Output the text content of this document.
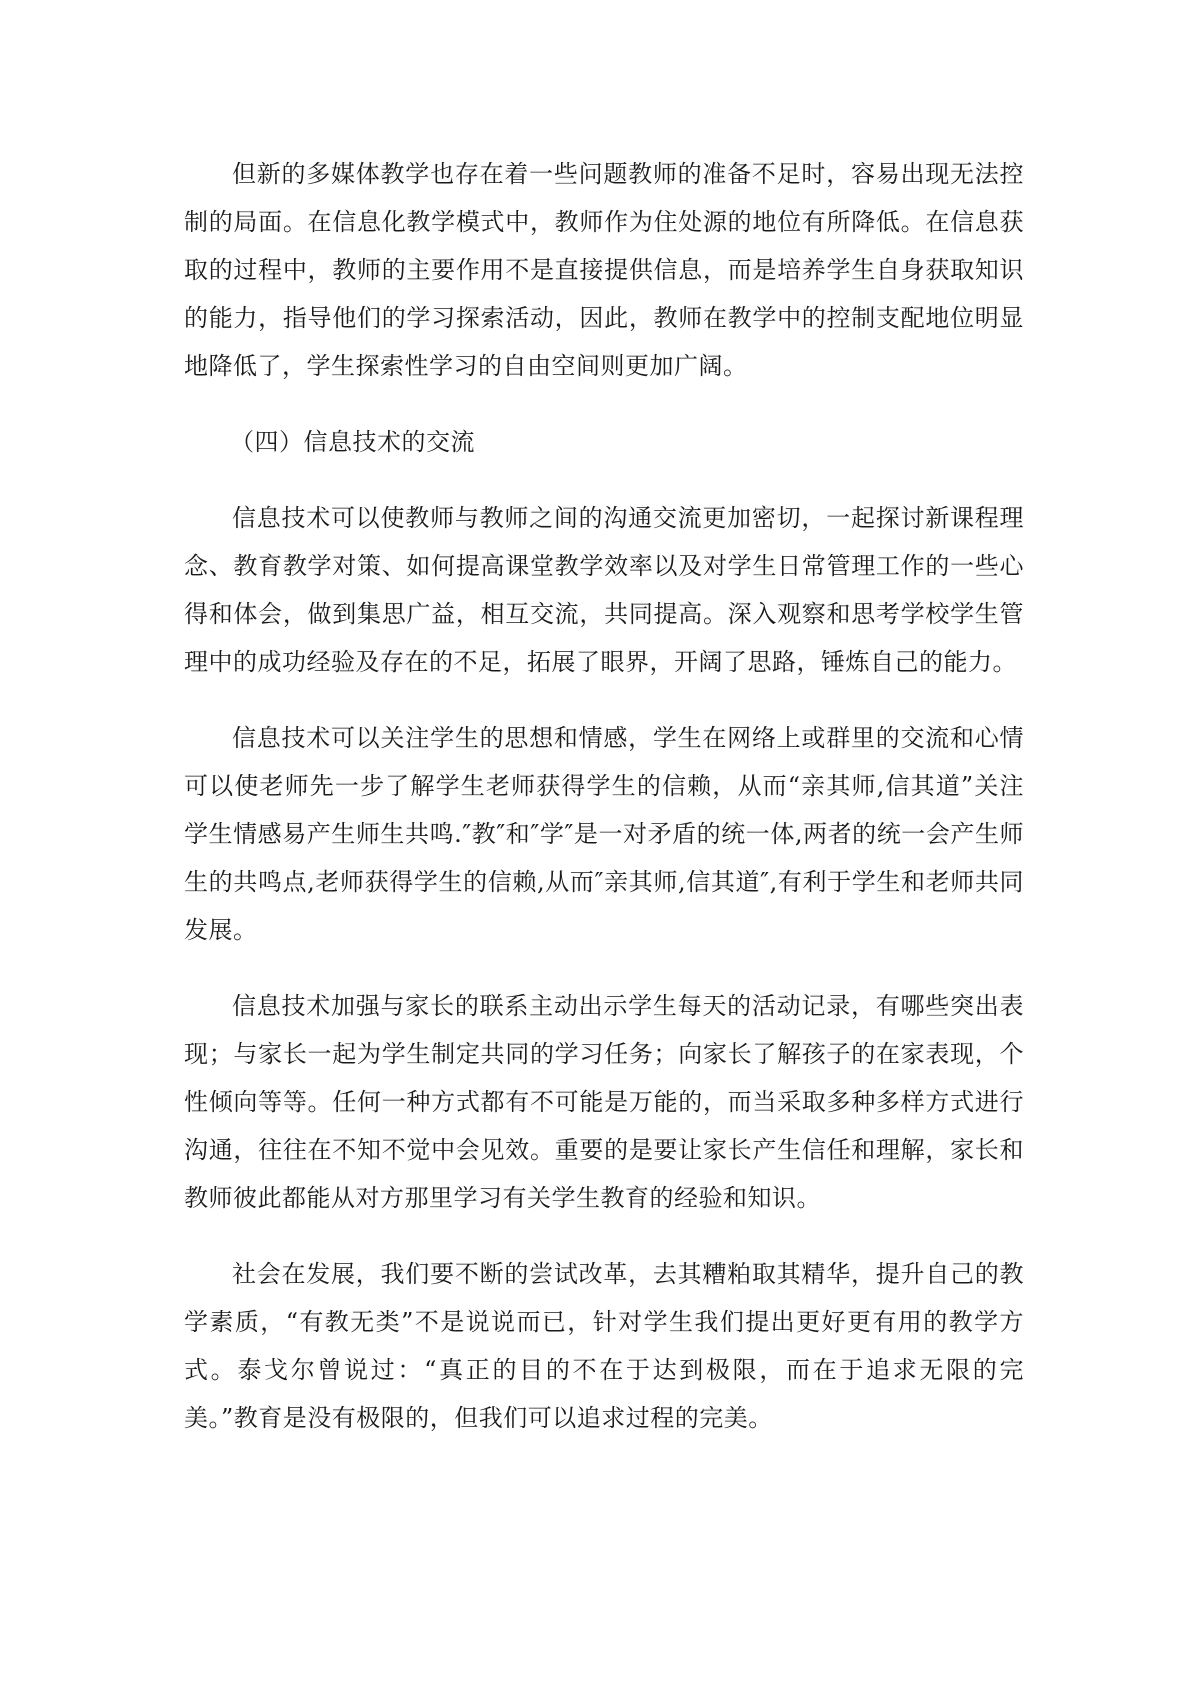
但新的多媒体教学也存在着一些问题教师的准备不足时，容易出现无法控制的局面。在信息化教学模式中，教师作为住处源的地位有所降低。在信息获取的过程中，教师的主要作用不是直接提供信息，而是培养学生自身获取知识的能力，指导他们的学习探索活动，因此，教师在教学中的控制支配地位明显地降低了，学生探索性学习的自由空间则更加广阔。

（四）信息技术的交流

信息技术可以使教师与教师之间的沟通交流更加密切，一起探讨新课程理念、教育教学对策、如何提高课堂教学效率以及对学生日常管理工作的一些心得和体会，做到集思广益，相互交流，共同提高。深入观察和思考学校学生管理中的成功经验及存在的不足，拓展了眼界，开阔了思路，锤炼自己的能力。

信息技术可以关注学生的思想和情感，学生在网络上或群里的交流和心情可以使老师先一步了解学生老师获得学生的信赖，从而“亲其师,信其道”关注学生情感易产生师生共鸣.″教″和″学″是一对矛盾的统一体,两者的统一会产生师生的共鸣点,老师获得学生的信赖,从而″亲其师,信其道″,有利于学生和老师共同发展。

信息技术加强与家长的联系主动出示学生每天的活动记录，有哪些突出表现；与家长一起为学生制定共同的学习任务；向家长了解孩子的在家表现，个性倾向等等。任何一种方式都有不可能是万能的，而当采取多种多样方式进行沟通，往往在不知不觉中会见效。重要的是要让家长产生信任和理解，家长和教师彼此都能从对方那里学习有关学生教育的经验和知识。

社会在发展，我们要不断的尝试改革，去其糟粕取其精华，提升自己的教学素质，“有教无类”不是说说而已，针对学生我们提出更好更有用的教学方式。泰戈尔曾说过：“真正的目的不在于达到极限，而在于追求无限的完美。”教育是没有极限的，但我们可以追求过程的完美。
